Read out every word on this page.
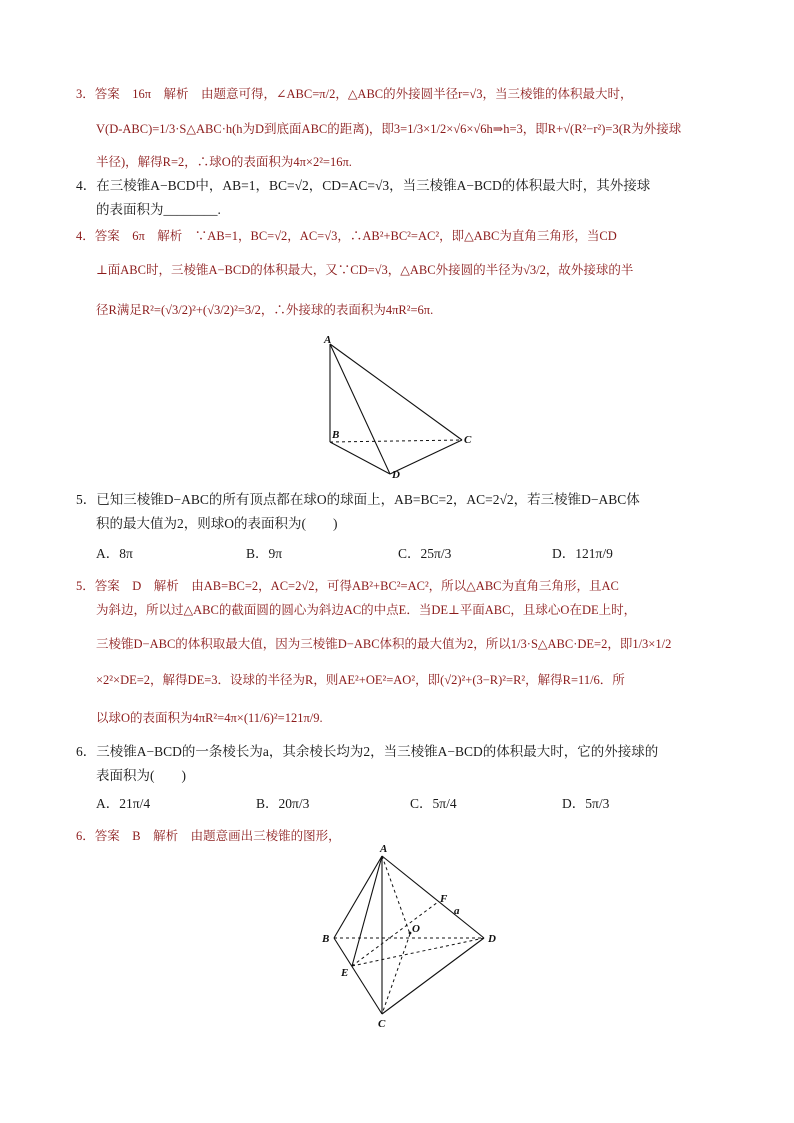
3．答案　16π　解析　由题意可得，∠ABC=π/2，△ABC的外接圆半径r=√3，当三棱锥的体积最大时，
V(D-ABC)=1/3·S△ABC·h(h为D到底面ABC的距离)，即3=1/3×1/2×√6×√6h⇒h=3，即R+√(R²−r²)=3(R为外接球
半径)，解得R=2，∴球O的表面积为4π×2²=16π.
4．在三棱锥A−BCD中，AB=1，BC=√2，CD=AC=√3，当三棱锥A−BCD的体积最大时，其外接球
的表面积为________.
4．答案　6π　解析　∵AB=1，BC=√2，AC=√3，∴AB²+BC²=AC²，即△ABC为直角三角形，当CD
⊥面ABC时，三棱锥A−BCD的体积最大，又∵CD=√3，△ABC外接圆的半径为√3/2，故外接球的半
径R满足R²=(√3/2)²+(√3/2)²=3/2，∴外接球的表面积为4πR²=6π.
A
B	C
D
5．已知三棱锥D−ABC的所有顶点都在球O的球面上，AB=BC=2，AC=2√2，若三棱锥D−ABC体
积的最大值为2，则球O的表面积为(　　)
A．8π	B．9π	C．25π/3	D．121π/9
5．答案　D　解析　由AB=BC=2，AC=2√2，可得AB²+BC²=AC²，所以△ABC为直角三角形，且AC
为斜边，所以过△ABC的截面圆的圆心为斜边AC的中点E．当DE⊥平面ABC，且球心O在DE上时，
三棱锥D−ABC的体积取最大值，因为三棱锥D−ABC体积的最大值为2，所以1/3·S△ABC·DE=2，即1/3×1/2
×2²×DE=2，解得DE=3．设球的半径为R，则AE²+OE²=AO²，即(√2)²+(3−R)²=R²，解得R=11/6．所
以球O的表面积为4πR²=4π×(11/6)²=121π/9.
6．三棱锥A−BCD的一条棱长为a，其余棱长均为2，当三棱锥A−BCD的体积最大时，它的外接球的
表面积为(　　)
A．21π/4	B．20π/3	C．5π/4	D．5π/3
6．答案　B　解析　由题意画出三棱锥的图形，
A
B
C
D
E
F
O
a
